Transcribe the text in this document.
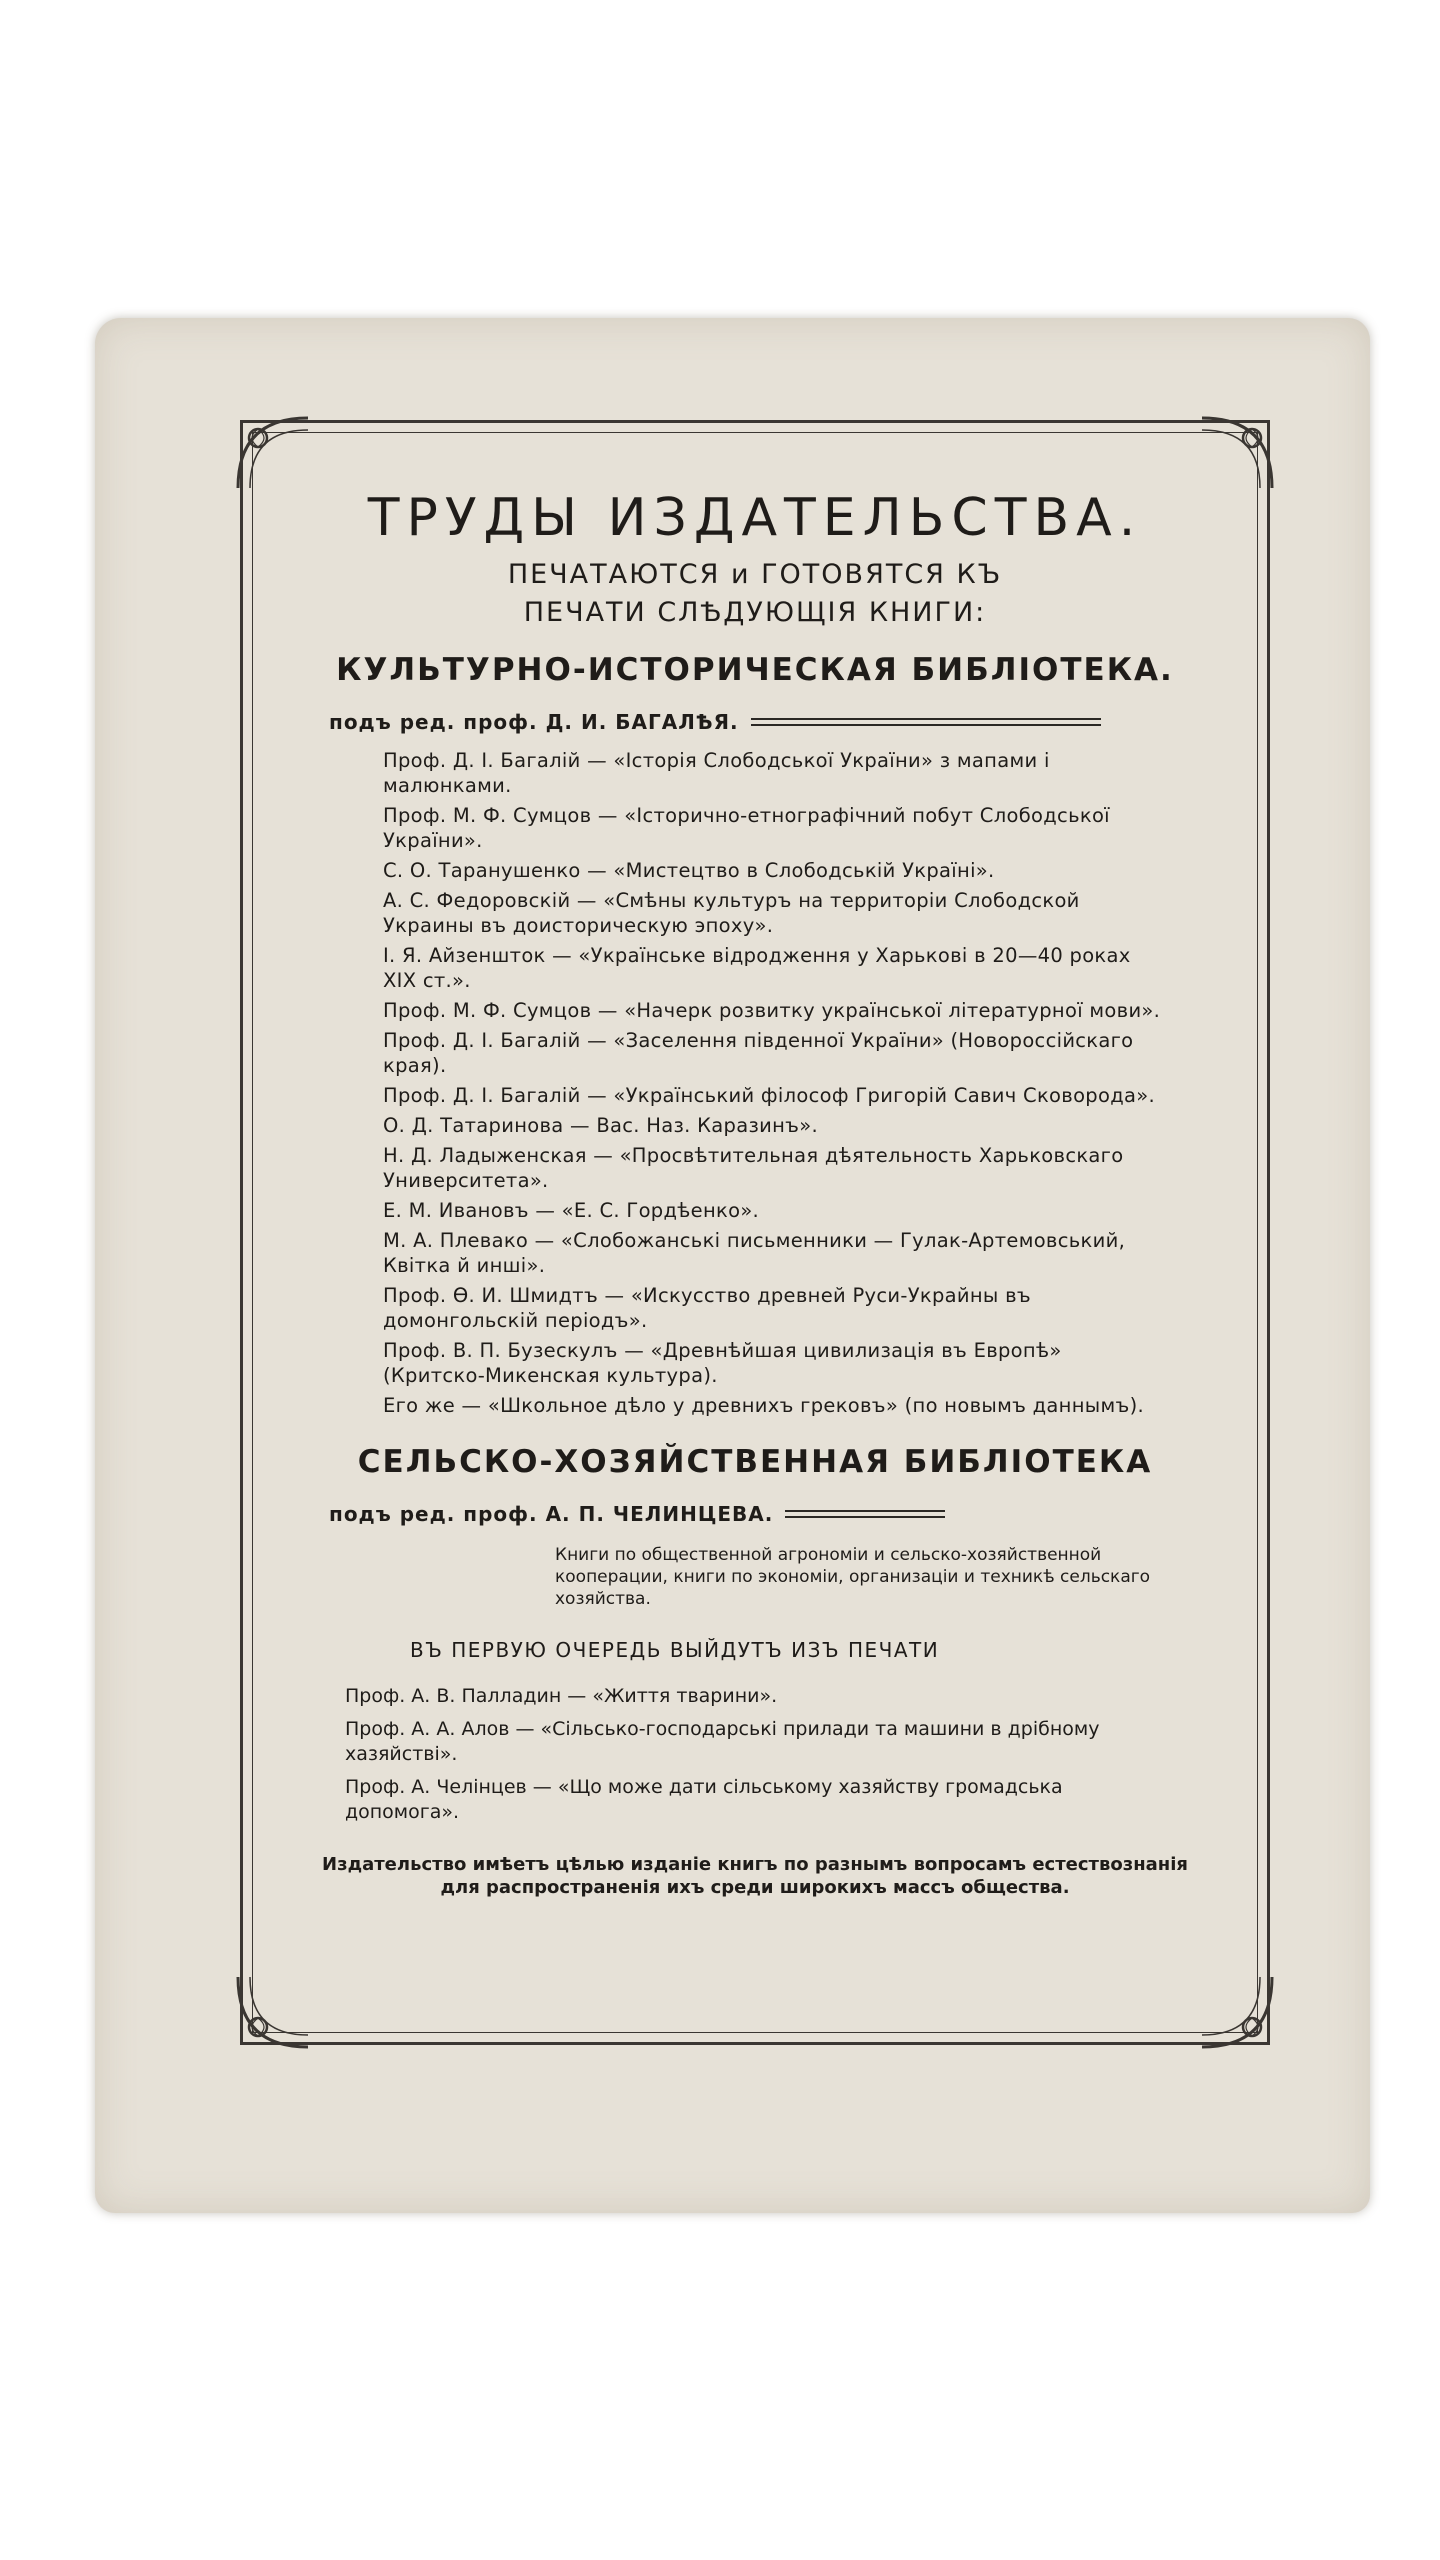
ТРУДЫ ИЗДАТЕЛЬСТВА.
ПЕЧАТАЮТСЯ и ГОТОВЯТСЯ КЪ
ПЕЧАТИ СЛѢДУЮЩІЯ КНИГИ:
КУЛЬТУРНО-ИСТОРИЧЕСКАЯ БИБЛІОТЕКА.
подъ ред. проф. Д. И. БАГАЛѢЯ.
Проф. Д. І. Багалій — «Історія Слободської України» з мапами і малюнками.
Проф. М. Ф. Сумцов — «Історично-етнографічний побут Слободської України».
С. О. Таранушенко — «Мистецтво в Слободській Україні».
А. С. Федоровскій — «Смѣны культуръ на территоріи Слободской Украины въ доисторическую эпоху».
І. Я. Айзеншток — «Українське відродження у Харькові в 20—40 роках XIX ст.».
Проф. М. Ф. Сумцов — «Начерк розвитку української літературної мови».
Проф. Д. І. Багалій — «Заселення південної України» (Новороссійскаго края).
Проф. Д. І. Багалій — «Український філософ Григорій Савич Сковорода».
О. Д. Татаринова — Вас. Наз. Каразинъ».
Н. Д. Ладыженская — «Просвѣтительная дѣятельность Харьковскаго Университета».
Е. М. Ивановъ — «Е. С. Гордѣенко».
М. А. Плевако — «Слобожанські письменники — Гулак-Артемовський, Квітка й инші».
Проф. Ѳ. И. Шмидтъ — «Искусство древней Руси-Украйны въ домонгольскій періодъ».
Проф. В. П. Бузескулъ — «Древнѣйшая цивилизація въ Европѣ» (Критско-Микенская культура).
Его же — «Школьное дѣло у древнихъ грековъ» (по новымъ даннымъ).
СЕЛЬСКО-ХОЗЯЙСТВЕННАЯ БИБЛІОТЕКА
подъ ред. проф. А. П. ЧЕЛИНЦЕВА.
Книги по общественной агрономіи и сельско-хозяйственной кооперации, книги по экономіи, организаціи и техникѣ сельскаго хозяйства.
ВЪ ПЕРВУЮ ОЧЕРЕДЬ ВЫЙДУТЪ ИЗЪ ПЕЧАТИ
Проф. А. В. Палладин — «Життя тварини».
Проф. А. А. Алов — «Сільсько-господарські прилади та машини в дрібному хазяйстві».
Проф. А. Челінцев — «Що може дати сільському хазяйству громадська допомога».
Издательство имѣетъ цѣлью изданіе книгъ по разнымъ вопросамъ естествознанія для распространенія ихъ среди широкихъ массъ общества.
